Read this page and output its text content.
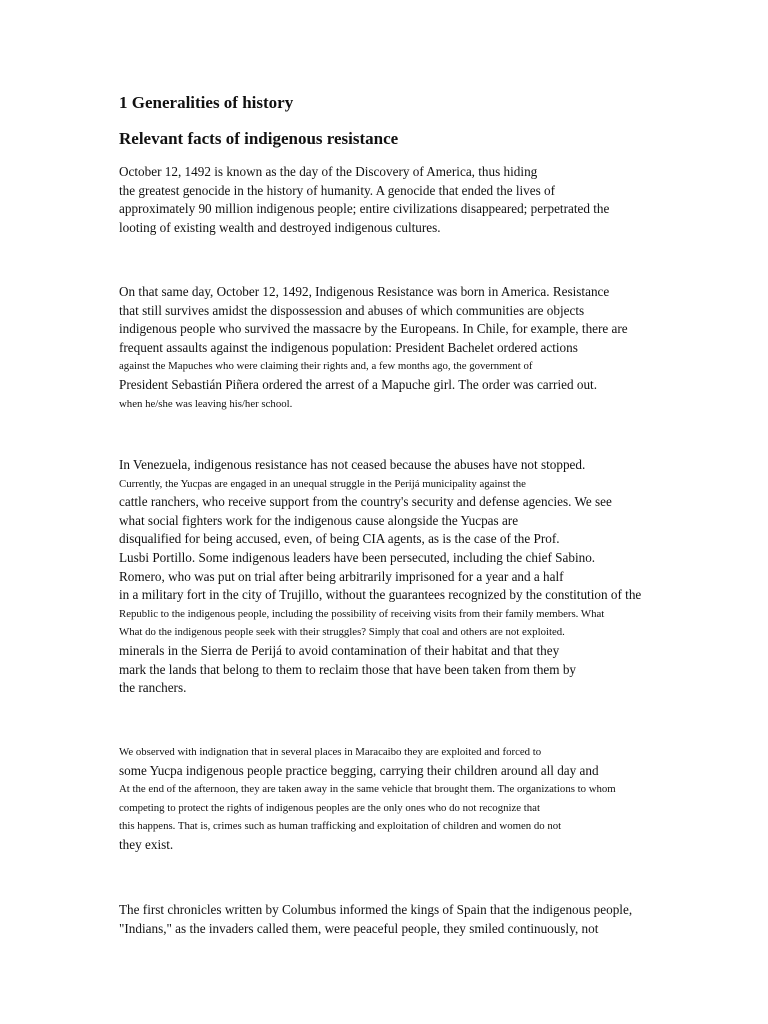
1 Generalities of history
Relevant facts of indigenous resistance
October 12, 1492 is known as the day of the Discovery of America, thus hiding
the greatest genocide in the history of humanity. A genocide that ended the lives of
approximately 90 million indigenous people; entire civilizations disappeared; perpetrated the
looting of existing wealth and destroyed indigenous cultures.
On that same day, October 12, 1492, Indigenous Resistance was born in America. Resistance
that still survives amidst the dispossession and abuses of which communities are objects
indigenous people who survived the massacre by the Europeans. In Chile, for example, there are
frequent assaults against the indigenous population: President Bachelet ordered actions
against the Mapuches who were claiming their rights and, a few months ago, the government of
President Sebastián Piñera ordered the arrest of a Mapuche girl. The order was carried out.
when he/she was leaving his/her school.
In Venezuela, indigenous resistance has not ceased because the abuses have not stopped.
Currently, the Yucpas are engaged in an unequal struggle in the Perijá municipality against the
cattle ranchers, who receive support from the country's security and defense agencies. We see
what social fighters work for the indigenous cause alongside the Yucpas are
disqualified for being accused, even, of being CIA agents, as is the case of the Prof.
Lusbi Portillo. Some indigenous leaders have been persecuted, including the chief Sabino.
Romero, who was put on trial after being arbitrarily imprisoned for a year and a half
in a military fort in the city of Trujillo, without the guarantees recognized by the constitution of the
Republic to the indigenous people, including the possibility of receiving visits from their family members. What
What do the indigenous people seek with their struggles? Simply that coal and others are not exploited.
minerals in the Sierra de Perijá to avoid contamination of their habitat and that they
mark the lands that belong to them to reclaim those that have been taken from them by
the ranchers.
We observed with indignation that in several places in Maracaibo they are exploited and forced to
some Yucpa indigenous people practice begging, carrying their children around all day and
At the end of the afternoon, they are taken away in the same vehicle that brought them. The organizations to whom
competing to protect the rights of indigenous peoples are the only ones who do not recognize that
this happens. That is, crimes such as human trafficking and exploitation of children and women do not
they exist.
The first chronicles written by Columbus informed the kings of Spain that the indigenous people,
"Indians," as the invaders called them, were peaceful people, they smiled continuously, not
